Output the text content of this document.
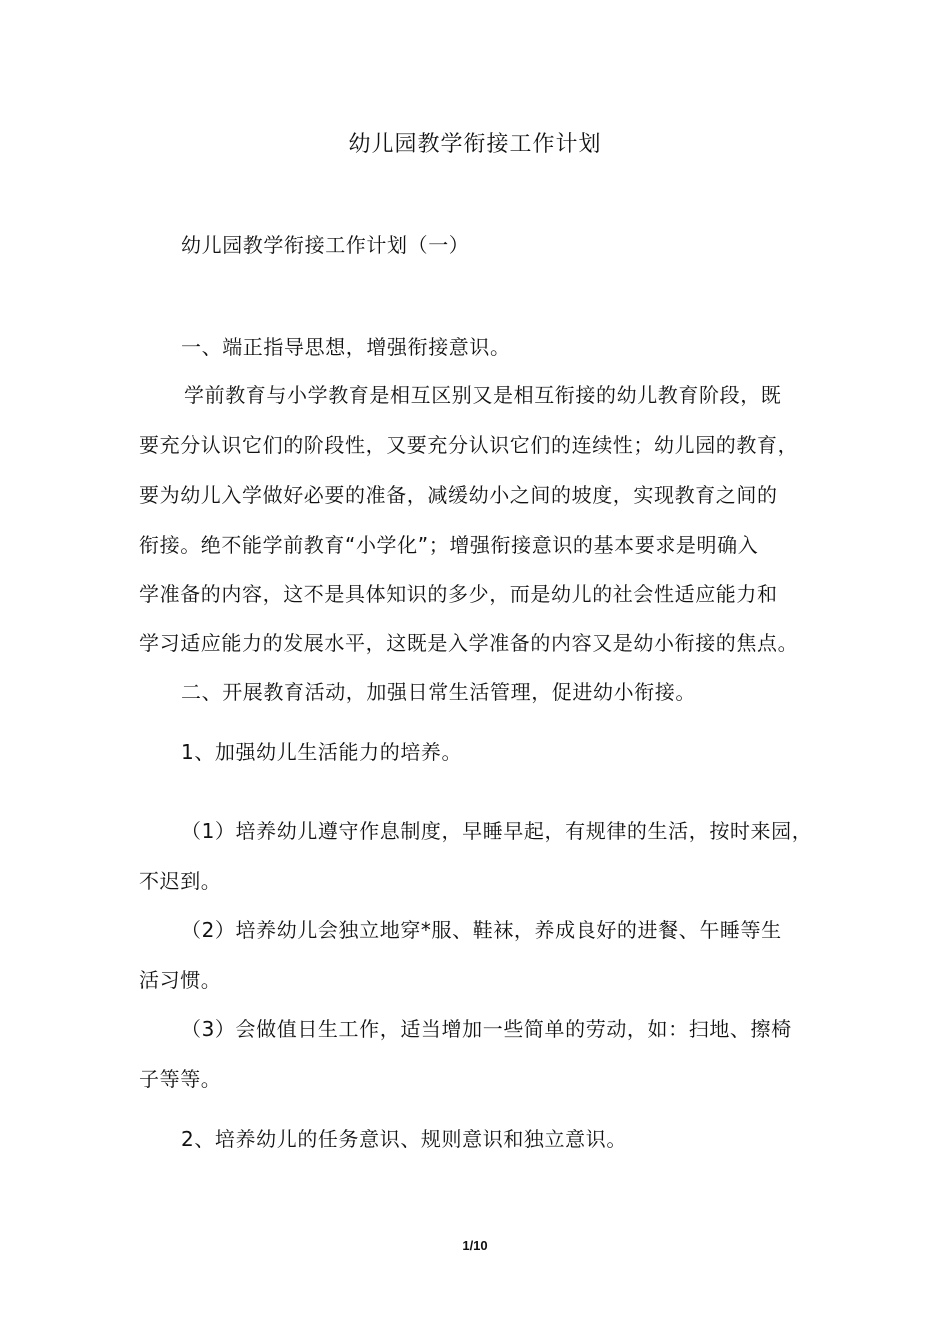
幼儿园教学衔接工作计划
幼儿园教学衔接工作计划（一）
一、端正指导思想，增强衔接意识。
学前教育与小学教育是相互区别又是相互衔接的幼儿教育阶段，既
要充分认识它们的阶段性，又要充分认识它们的连续性；幼儿园的教育，
要为幼儿入学做好必要的准备，减缓幼小之间的坡度，实现教育之间的
衔接。绝不能学前教育“小学化”；增强衔接意识的基本要求是明确入
学准备的内容，这不是具体知识的多少，而是幼儿的社会性适应能力和
学习适应能力的发展水平，这既是入学准备的内容又是幼小衔接的焦点。
二、开展教育活动，加强日常生活管理，促进幼小衔接。
1、加强幼儿生活能力的培养。
（1）培养幼儿遵守作息制度，早睡早起，有规律的生活，按时来园，
不迟到。
（2）培养幼儿会独立地穿*服、鞋袜，养成良好的进餐、午睡等生
活习惯。
（3）会做值日生工作，适当增加一些简单的劳动，如：扫地、擦椅
子等等。
2、培养幼儿的任务意识、规则意识和独立意识。
1/10
